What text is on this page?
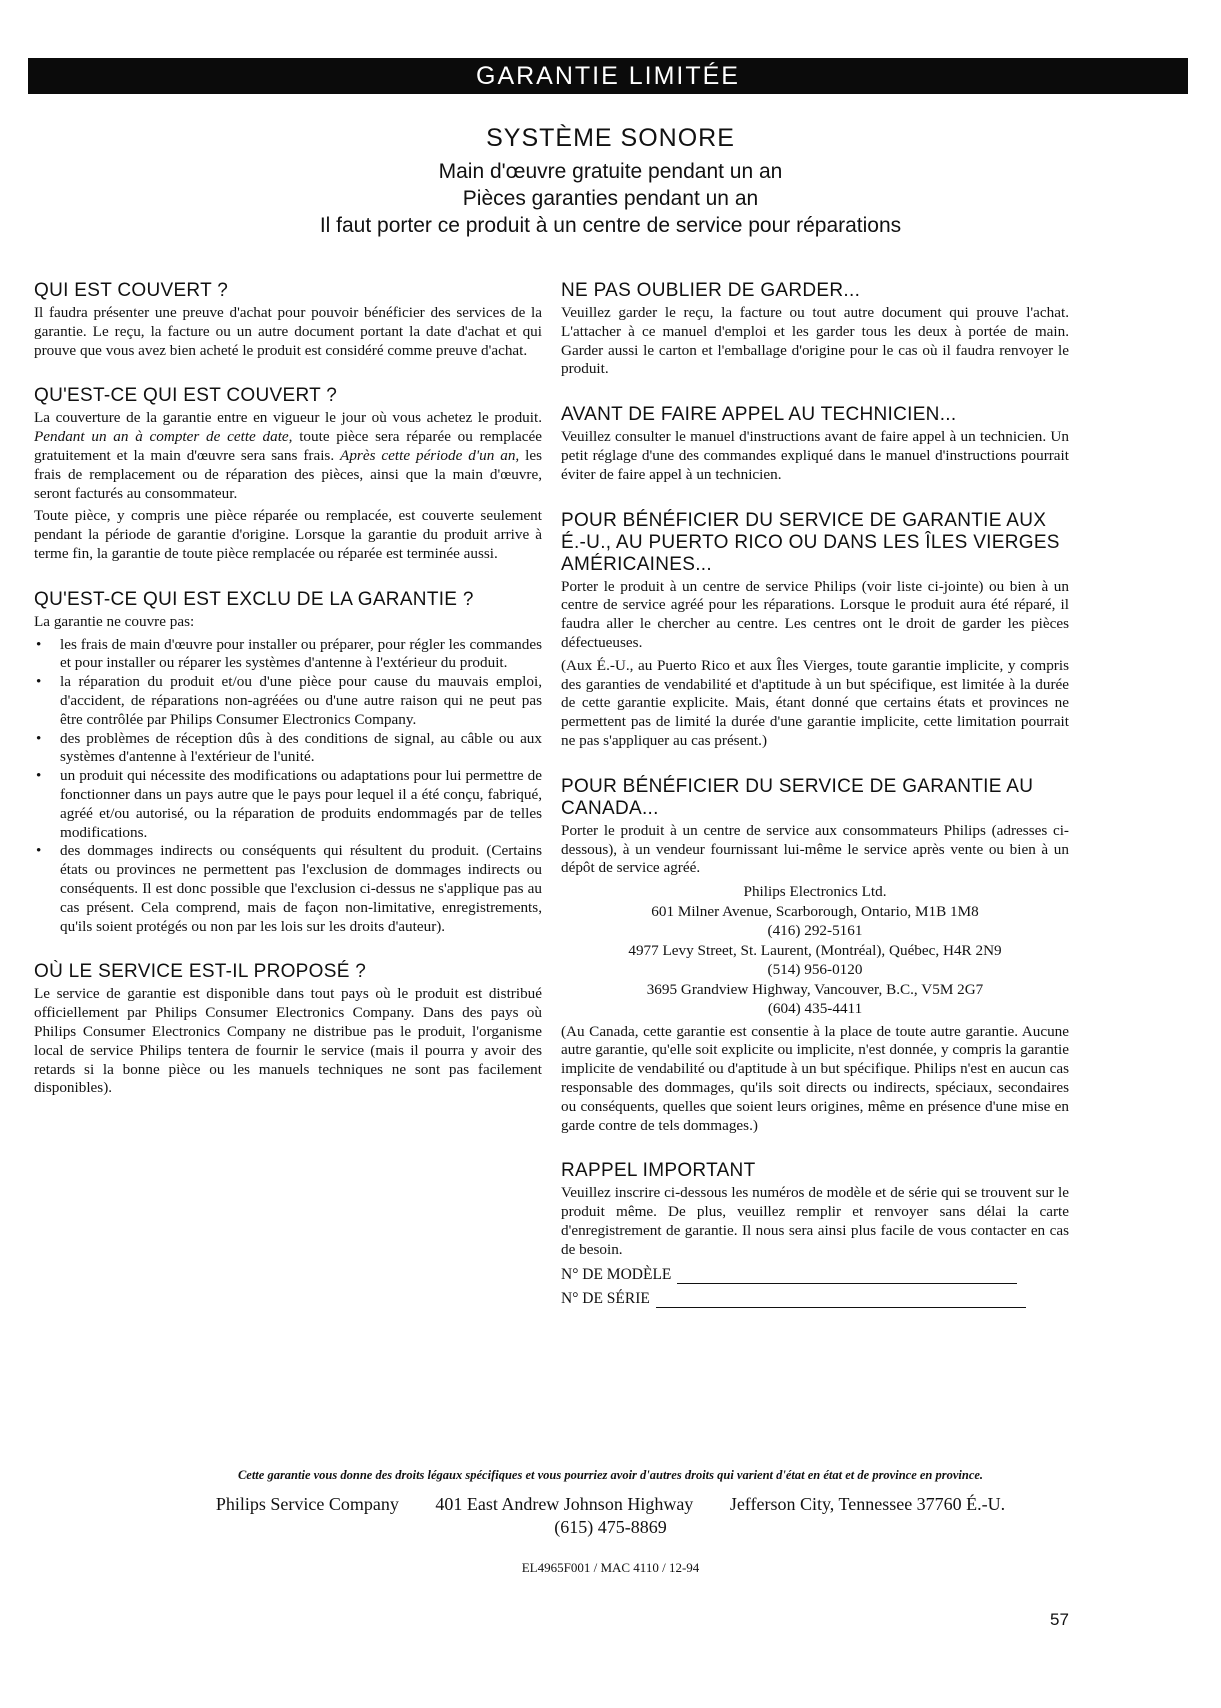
GARANTIE LIMITÉE
SYSTÈME SONORE
Main d'œuvre gratuite pendant un an
Pièces garanties pendant un an
Il faut porter ce produit à un centre de service pour réparations
QUI EST COUVERT ?

Il faudra présenter une preuve d'achat pour pouvoir bénéficier des services de la garantie. Le reçu, la facture ou un autre document portant la date d'achat et qui prouve que vous avez bien acheté le produit est considéré comme preuve d'achat.

QU'EST-CE QUI EST COUVERT ?

La couverture de la garantie entre en vigueur le jour où vous achetez le produit. Pendant un an à compter de cette date, toute pièce sera réparée ou remplacée gratuitement et la main d'œuvre sera sans frais. Après cette période d'un an, les frais de remplacement ou de réparation des pièces, ainsi que la main d'œuvre, seront facturés au consommateur.

Toute pièce, y compris une pièce réparée ou remplacée, est couverte seulement pendant la période de garantie d'origine. Lorsque la garantie du produit arrive à terme fin, la garantie de toute pièce remplacée ou réparée est terminée aussi.

QU'EST-CE QUI EST EXCLU DE LA GARANTIE ?

La garantie ne couvre pas:

• les frais de main d'œuvre pour installer ou préparer, pour régler les commandes et pour installer ou réparer les systèmes d'antenne à l'extérieur du produit.
• la réparation du produit et/ou d'une pièce pour cause du mauvais emploi, d'accident, de réparations non-agréées ou d'une autre raison qui ne peut pas être contrôlée par Philips Consumer Electronics Company.
• des problèmes de réception dûs à des conditions de signal, au câble ou aux systèmes d'antenne à l'extérieur de l'unité.
• un produit qui nécessite des modifications ou adaptations pour lui permettre de fonctionner dans un pays autre que le pays pour lequel il a été conçu, fabriqué, agréé et/ou autorisé, ou la réparation de produits endommagés par de telles modifications.
• des dommages indirects ou conséquents qui résultent du produit. (Certains états ou provinces ne permettent pas l'exclusion de dommages indirects ou conséquents. Il est donc possible que l'exclusion ci-dessus ne s'applique pas au cas présent. Cela comprend, mais de façon non-limitative, enregistrements, qu'ils soient protégés ou non par les lois sur les droits d'auteur).
OÙ LE SERVICE EST-IL PROPOSÉ ?

Le service de garantie est disponible dans tout pays où le produit est distribué officiellement par Philips Consumer Electronics Company. Dans des pays où Philips Consumer Electronics Company ne distribue pas le produit, l'organisme local de service Philips tentera de fournir le service (mais il pourra y avoir des retards si la bonne pièce ou les manuels techniques ne sont pas facilement disponibles).

NE PAS OUBLIER DE GARDER...

Veuillez garder le reçu, la facture ou tout autre document qui prouve l'achat. L'attacher à ce manuel d'emploi et les garder tous les deux à portée de main. Garder aussi le carton et l'emballage d'origine pour le cas où il faudra renvoyer le produit.

AVANT DE FAIRE APPEL AU TECHNICIEN...

Veuillez consulter le manuel d'instructions avant de faire appel à un technicien. Un petit réglage d'une des commandes expliqué dans le manuel d'instructions pourrait éviter de faire appel à un technicien.

POUR BÉNÉFICIER DU SERVICE DE GARANTIE AUX É.-U., AU PUERTO RICO OU DANS LES ÎLES VIERGES AMÉRICAINES...

Porter le produit à un centre de service Philips (voir liste ci-jointe) ou bien à un centre de service agréé pour les réparations. Lorsque le produit aura été réparé, il faudra aller le chercher au centre. Les centres ont le droit de garder les pièces défectueuses.

(Aux É.-U., au Puerto Rico et aux Îles Vierges, toute garantie implicite, y compris des garanties de vendabilité et d'aptitude à un but spécifique, est limitée à la durée de cette garantie explicite. Mais, étant donné que certains états et provinces ne permettent pas de limité la durée d'une garantie implicite, cette limitation pourrait ne pas s'appliquer au cas présent.)

POUR BÉNÉFICIER DU SERVICE DE GARANTIE AU CANADA...

Porter le produit à un centre de service aux consommateurs Philips (adresses ci-dessous), à un vendeur fournissant lui-même le service après vente ou bien à un dépôt de service agréé.

Philips Electronics Ltd.
601 Milner Avenue, Scarborough, Ontario, M1B 1M8
(416) 292-5161
4977 Levy Street, St. Laurent, (Montréal), Québec, H4R 2N9
(514) 956-0120
3695 Grandview Highway, Vancouver, B.C., V5M 2G7
(604) 435-4411

(Au Canada, cette garantie est consentie à la place de toute autre garantie. Aucune autre garantie, qu'elle soit explicite ou implicite, n'est donnée, y compris la garantie implicite de vendabilité ou d'aptitude à un but spécifique. Philips n'est en aucun cas responsable des dommages, qu'ils soit directs ou indirects, spéciaux, secondaires ou conséquents, quelles que soient leurs origines, même en présence d'une mise en garde contre de tels dommages.)

RAPPEL IMPORTANT

Veuillez inscrire ci-dessous les numéros de modèle et de série qui se trouvent sur le produit même. De plus, veuillez remplir et renvoyer sans délai la carte d'enregistrement de garantie. Il nous sera ainsi plus facile de vous contacter en cas de besoin.

N° DE MODÈLE
N° DE SÉRIE
Cette garantie vous donne des droits légaux spécifiques et vous pourriez avoir d'autres droits qui varient d'état en état et de province en province.
Philips Service Company 401 East Andrew Johnson Highway Jefferson City, Tennessee 37760 É.-U.
(615) 475-8869
EL4965F001 / MAC 4110 / 12-94
57
